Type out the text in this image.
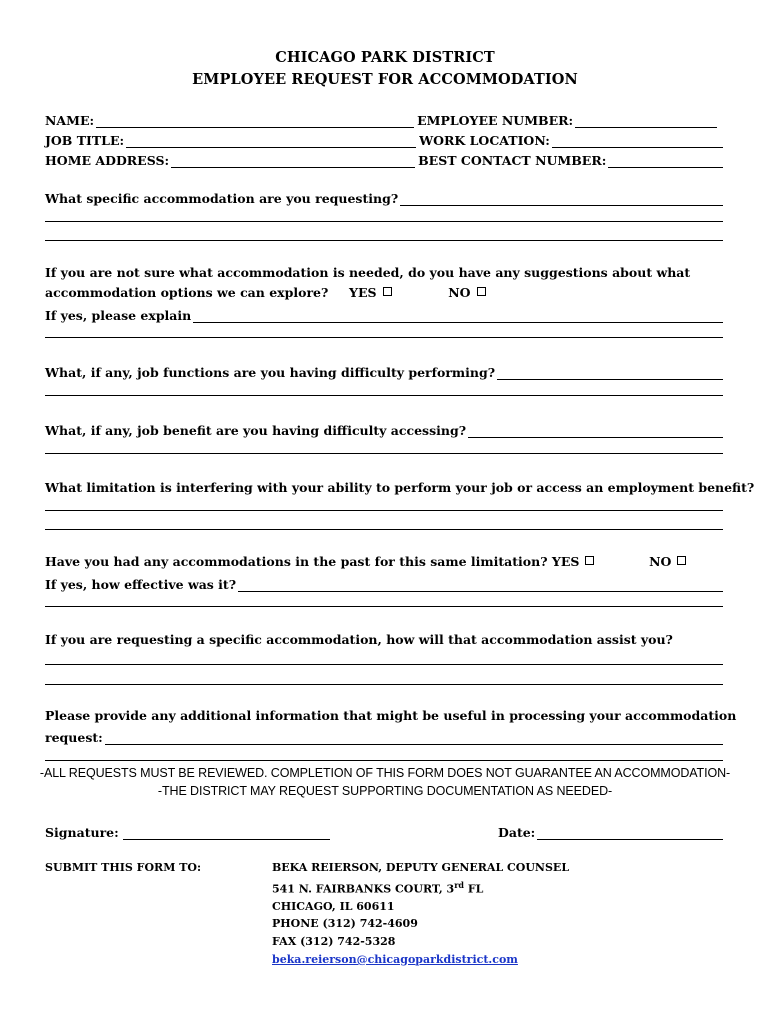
CHICAGO PARK DISTRICT
EMPLOYEE REQUEST FOR ACCOMMODATION
NAME:	EMPLOYEE NUMBER:
JOB TITLE:	WORK LOCATION:
HOME ADDRESS:	BEST CONTACT NUMBER:
What specific accommodation are you requesting?
If you are not sure what accommodation is needed, do you have any suggestions about what
accommodation options we can explore? YES	NO
If yes, please explain
What, if any, job functions are you having difficulty performing?
What, if any, job benefit are you having difficulty accessing?
What limitation is interfering with your ability to perform your job or access an employment benefit?
Have you had any accommodations in the past for this same limitation? YES	NO
If yes, how effective was it?
If you are requesting a specific accommodation, how will that accommodation assist you?
Please provide any additional information that might be useful in processing your accommodation
request:
-ALL REQUESTS MUST BE REVIEWED. COMPLETION OF THIS FORM DOES NOT GUARANTEE AN ACCOMMODATION-
-THE DISTRICT MAY REQUEST SUPPORTING DOCUMENTATION AS NEEDED-
Signature:	Date:
SUBMIT THIS FORM TO:	BEKA REIERSON, DEPUTY GENERAL COUNSEL
541 N. FAIRBANKS COURT, 3rd FL
CHICAGO, IL 60611
PHONE (312) 742-4609
FAX (312) 742-5328
beka.reierson@chicagoparkdistrict.com
